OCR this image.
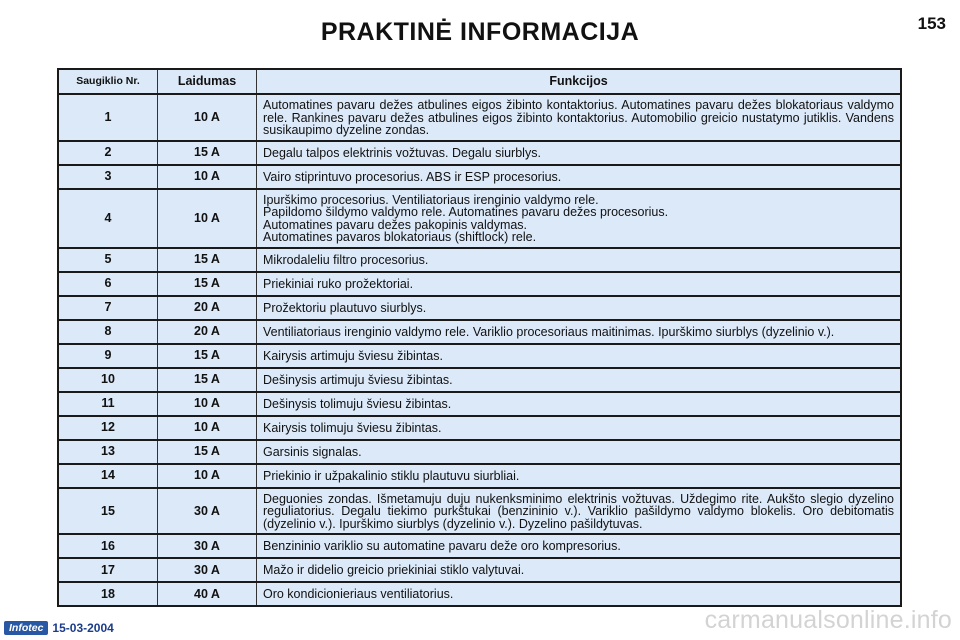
PRAKTINĖ INFORMACIJA	153
Saugiklio Nr.	Laidumas	Funkcijos
1	10 A	Automatines pavaru dežes atbulines eigos žibinto kontaktorius. Automatines pavaru dežes blokatoriaus valdymo rele. Rankines pavaru dežes atbulines eigos žibinto kontaktorius. Automobilio greicio nustatymo jutiklis. Vandens susikaupimo dyzeline zondas.
2	15 A	Degalu talpos elektrinis vožtuvas. Degalu siurblys.
3	10 A	Vairo stiprintuvo procesorius. ABS ir ESP procesorius.
4	10 A	Ipurškimo procesorius. Ventiliatoriaus irenginio valdymo rele.
Papildomo šildymo valdymo rele. Automatines pavaru dežes procesorius.
Automatines pavaru dežes pakopinis valdymas.
Automatines pavaros blokatoriaus (shiftlock) rele.
5	15 A	Mikrodaleliu filtro procesorius.
6	15 A	Priekiniai ruko prožektoriai.
7	20 A	Prožektoriu plautuvo siurblys.
8	20 A	Ventiliatoriaus irenginio valdymo rele. Variklio procesoriaus maitinimas. Ipurškimo siurblys (dyzelinio v.).
9	15 A	Kairysis artimuju šviesu žibintas.
10	15 A	Dešinysis artimuju šviesu žibintas.
11	10 A	Dešinysis tolimuju šviesu žibintas.
12	10 A	Kairysis tolimuju šviesu žibintas.
13	15 A	Garsinis signalas.
14	10 A	Priekinio ir užpakalinio stiklu plautuvu siurbliai.
15	30 A	Deguonies zondas. Išmetamuju duju nukenksminimo elektrinis vožtuvas. Uždegimo rite. Aukšto slegio dyzelino reguliatorius. Degalu tiekimo purkštukai (benzininio v.). Variklio pašildymo valdymo blokelis. Oro debitomatis (dyzelinio v.). Ipurškimo siurblys (dyzelinio v.). Dyzelino pašildytuvas.
16	30 A	Benzininio variklio su automatine pavaru deže oro kompresorius.
17	30 A	Mažo ir didelio greicio priekiniai stiklo valytuvai.
18	40 A	Oro kondicionieriaus ventiliatorius.
Infotec 15-03-2004	carmanualsonline.info
